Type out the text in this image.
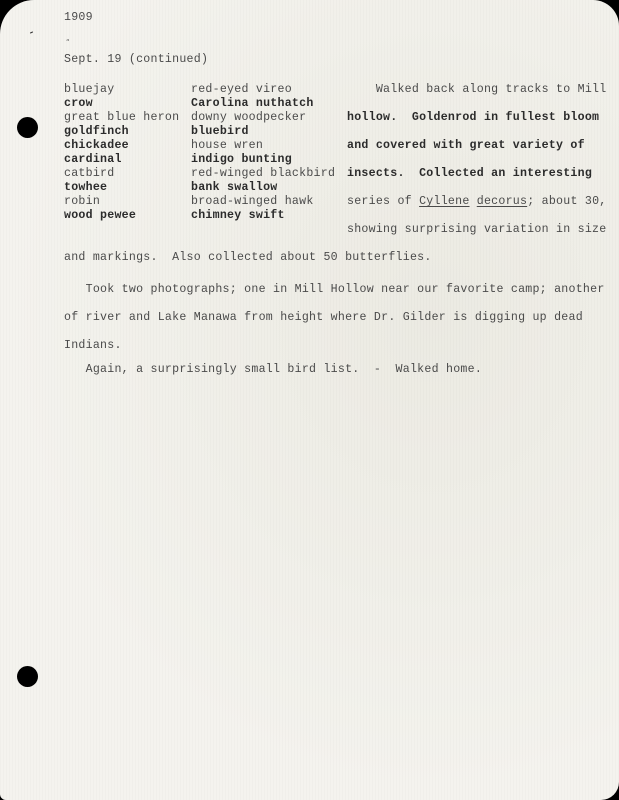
1909
„
Sept. 19 (continued)
bluejay
crow
great blue heron
goldfinch
chickadee
cardinal
catbird
towhee
robin
wood pewee
red-eyed vireo
Carolina nuthatch
downy woodpecker
bluebird
house wren
indigo bunting
red-winged blackbird
bank swallow
broad-winged hawk
chimney swift
Walked back along tracks to Mill
hollow.  Goldenrod in fullest bloom
and covered with great variety of
insects.  Collected an interesting
series of Cyllene decorus; about 30,
showing surprising variation in size
and markings.  Also collected about 50 butterflies.
Took two photographs; one in Mill Hollow near our favorite camp; another
of river and Lake Manawa from height where Dr. Gilder is digging up dead
Indians.
Again, a surprisingly small bird list.  -  Walked home.
